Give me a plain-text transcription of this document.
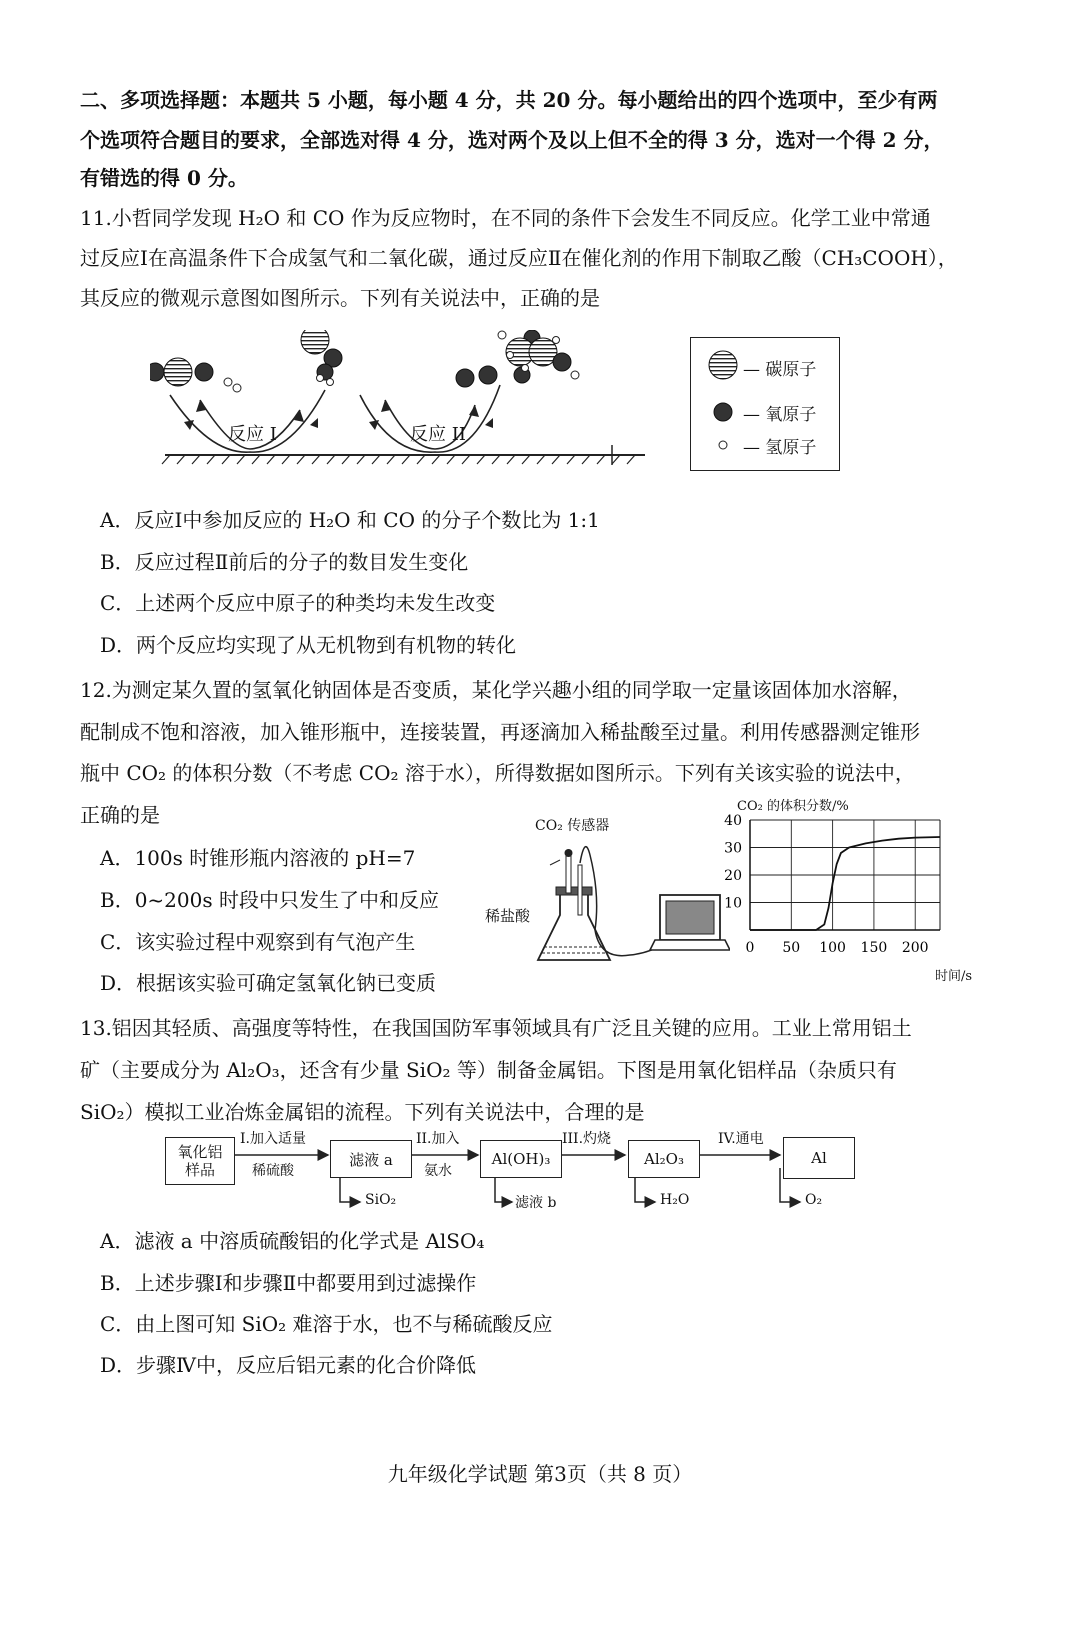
二、多项选择题：本题共 5 小题，每小题 4 分，共 20 分。每小题给出的四个选项中，至少有两
个选项符合题目的要求，全部选对得 4 分，选对两个及以上但不全的得 3 分，选对一个得 2 分，
有错选的得 0 分。
11.小哲同学发现 H₂O 和 CO 作为反应物时，在不同的条件下会发生不同反应。化学工业中常通
过反应Ⅰ在高温条件下合成氢气和二氧化碳，通过反应Ⅱ在催化剂的作用下制取乙酸（CH₃COOH），
其反应的微观示意图如图所示。下列有关说法中，正确的是
反应 I	反应 II
— 碳原子
— 氧原子
— 氢原子
A．反应Ⅰ中参加反应的 H₂O 和 CO 的分子个数比为 1:1
B．反应过程Ⅱ前后的分子的数目发生变化
C．上述两个反应中原子的种类均未发生改变
D．两个反应均实现了从无机物到有机物的转化
12.为测定某久置的氢氧化钠固体是否变质，某化学兴趣小组的同学取一定量该固体加水溶解，
配制成不饱和溶液，加入锥形瓶中，连接装置，再逐滴加入稀盐酸至过量。利用传感器测定锥形
瓶中 CO₂ 的体积分数（不考虑 CO₂ 溶于水），所得数据如图所示。下列有关该实验的说法中，
正确的是
A．100s 时锥形瓶内溶液的 pH=7
B．0~200s 时段中只发生了中和反应
C．该实验过程中观察到有气泡产生
D．根据该实验可确定氢氧化钠已变质
CO₂ 传感器
稀盐酸
10
20
30
40
0 50 100 150 200
CO₂ 的体积分数/%
时间/s
13.铝因其轻质、高强度等特性，在我国国防军事领域具有广泛且关键的应用。工业上常用铝土
矿（主要成分为 Al₂O₃，还含有少量 SiO₂ 等）制备金属铝。下图是用氧化铝样品（杂质只有
SiO₂）模拟工业冶炼金属铝的流程。下列有关说法中，合理的是
氧化铝
样品
I.加入适量
稀硫酸
滤液 a
SiO₂
II.加入
氨水
Al(OH)₃
滤液 b
III.灼烧
Al₂O₃
H₂O
IV.通电
Al
O₂
A．滤液 a 中溶质硫酸铝的化学式是 AlSO₄
B．上述步骤Ⅰ和步骤Ⅱ中都要用到过滤操作
C．由上图可知 SiO₂ 难溶于水，也不与稀硫酸反应
D．步骤Ⅳ中，反应后铝元素的化合价降低
九年级化学试题 第3页（共 8 页）
